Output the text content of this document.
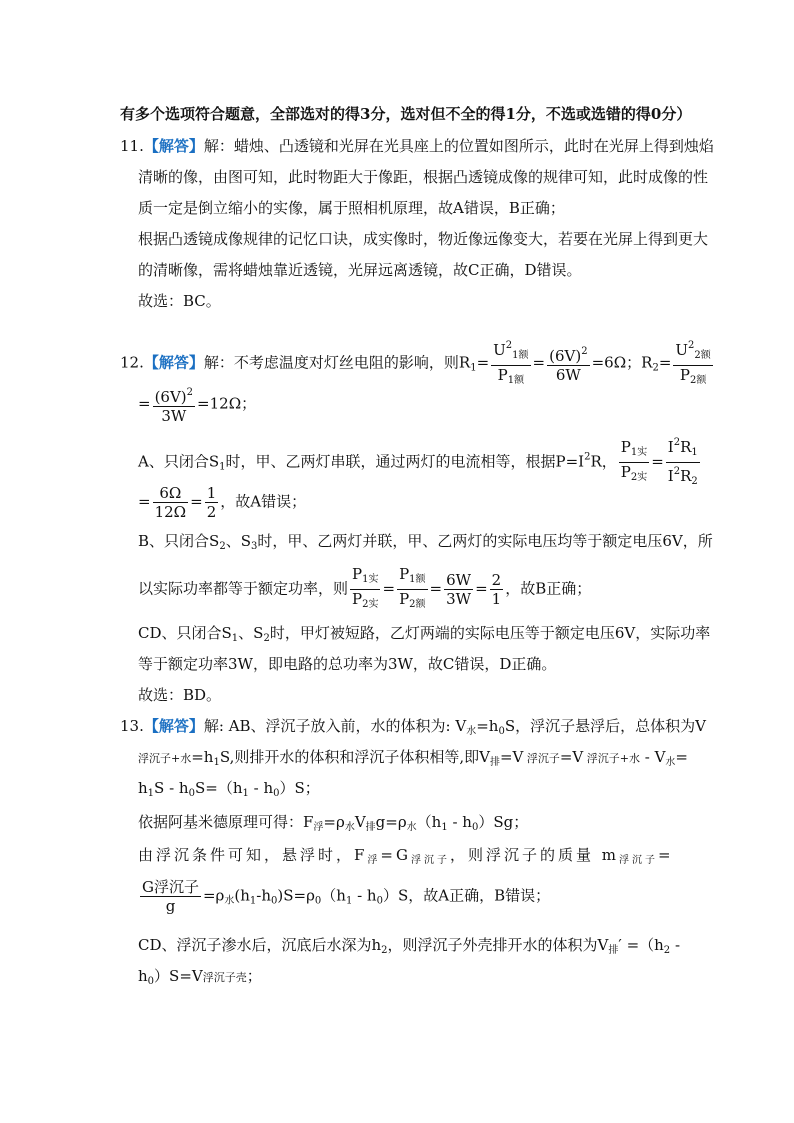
有多个选项符合题意，全部选对的得3分，选对但不全的得1分，不选或选错的得0分）
11.【解答】解：蜡烛、凸透镜和光屏在光具座上的位置如图所示，此时在光屏上得到烛焰
清晰的像，由图可知，此时物距大于像距，根据凸透镜成像的规律可知，此时成像的性
质一定是倒立缩小的实像，属于照相机原理，故A错误，B正确；
根据凸透镜成像规律的记忆口诀，成实像时，物近像远像变大，若要在光屏上得到更大
的清晰像，需将蜡烛靠近透镜，光屏远离透镜，故C正确，D错误。
故选：BC。
12.【解答】解：不考虑温度对灯丝电阻的影响，则$R_1= \frac{U^2_{1额}}{P_{1额}} = \frac{(6V)^2}{6W} =6\Omega$；$R_2= \frac{U^2_{2额}}{P_{2额}}$
= $\frac{(6V)^2}{3W} =12\Omega$；
A、只闭合$S_1$时，甲、乙两灯串联，通过两灯的电流相等，根据$P=I^2R$， $\frac{P_{1实}}{P_{2实}} = \frac{I^2R_1}{I^2R_2}$
= $\frac{6\Omega}{12\Omega} = \frac{1}{2}$ ，故A错误；
B、只闭合$S_2$、$S_3$时，甲、乙两灯并联，甲、乙两灯的实际电压均等于额定电压6V，所
以实际功率都等于额定功率，则 $\frac{P_{1实}}{P_{2实}} = \frac{P_{1额}}{P_{2额}} = \frac{6W}{3W} = \frac{2}{1}$ ，故B正确；
CD、只闭合$S_1$、$S_2$时，甲灯被短路，乙灯两端的实际电压等于额定电压6V，实际功率
等于额定功率3W，即电路的总功率为3W，故C错误，D正确。
故选：BD。
13.【解答】解: AB、浮沉子放入前，水的体积为: $V_水=h_0S$，浮沉子悬浮后，总体积为V
浮沉子+水$=h_1S$,则排开水的体积和浮沉子体积相等,即$V_排=V$ 浮沉子=V 浮沉子+水 - $V_水=$
$h_1S - h_0S=(h_1 - h_0)S$；
依据阿基米德原理可得：$F_浮=\rho_水V_排g=\rho_水(h_1 - h_0)Sg$；
由浮沉条件可知，悬浮时，$F_浮=G_{浮沉子}$，则浮沉子的质量 $m_{浮沉子}=$
$\frac{\text{G浮沉子}}{g} =\rho_水(h_1-h_0)S=\rho_0(h_1 - h_0)S$，故A正确，B错误；
CD、浮沉子渗水后，沉底后水深为$h_2$，则浮沉子外壳排开水的体积为$V_排' =(h_2$ -
$h_0)S=V$浮沉子壳；
